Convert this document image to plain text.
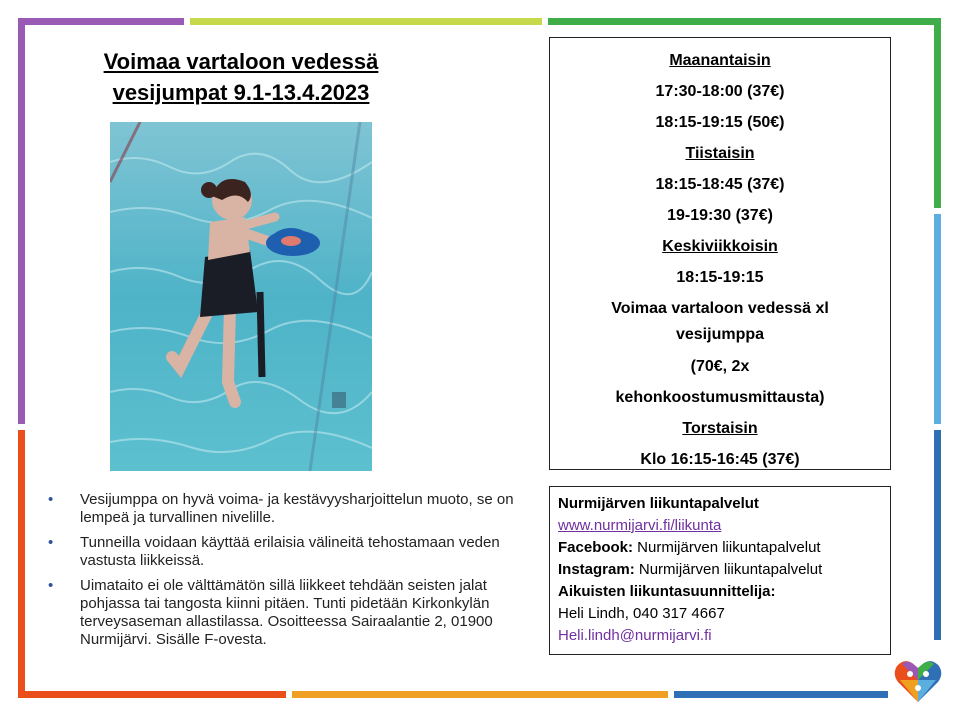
Voimaa vartaloon vedessä
vesijumpat 9.1-13.4.2023
• Vesijumppa on hyvä voima- ja kestävyysharjoittelun muoto, se on lempeä ja turvallinen nivelille.
• Tunneilla voidaan käyttää erilaisia välineitä tehostamaan veden vastusta liikkeissä.
• Uimataito ei ole välttämätön sillä liikkeet tehdään seisten jalat pohjassa tai tangosta kiinni pitäen. Tunti pidetään Kirkonkylän terveysaseman allastilassa. Osoitteessa Sairaalantie 2, 01900 Nurmijärvi. Sisälle F-ovesta.
Maanantaisin
17:30-18:00 (37€)
18:15-19:15 (50€)
Tiistaisin
18:15-18:45 (37€)
19-19:30 (37€)
Keskiviikkoisin
18:15-19:15
Voimaa vartaloon vedessä xl vesijumppa
(70€, 2x
kehonkoostumusmittausta)
Torstaisin
Klo 16:15-16:45 (37€)
Nurmijärven liikuntapalvelut
www.nurmijarvi.fi/liikunta
Facebook: Nurmijärven liikuntapalvelut
Instagram: Nurmijärven liikuntapalvelut
Aikuisten liikuntasuunnittelija:
Heli Lindh, 040 317 4667
Heli.lindh@nurmijarvi.fi
